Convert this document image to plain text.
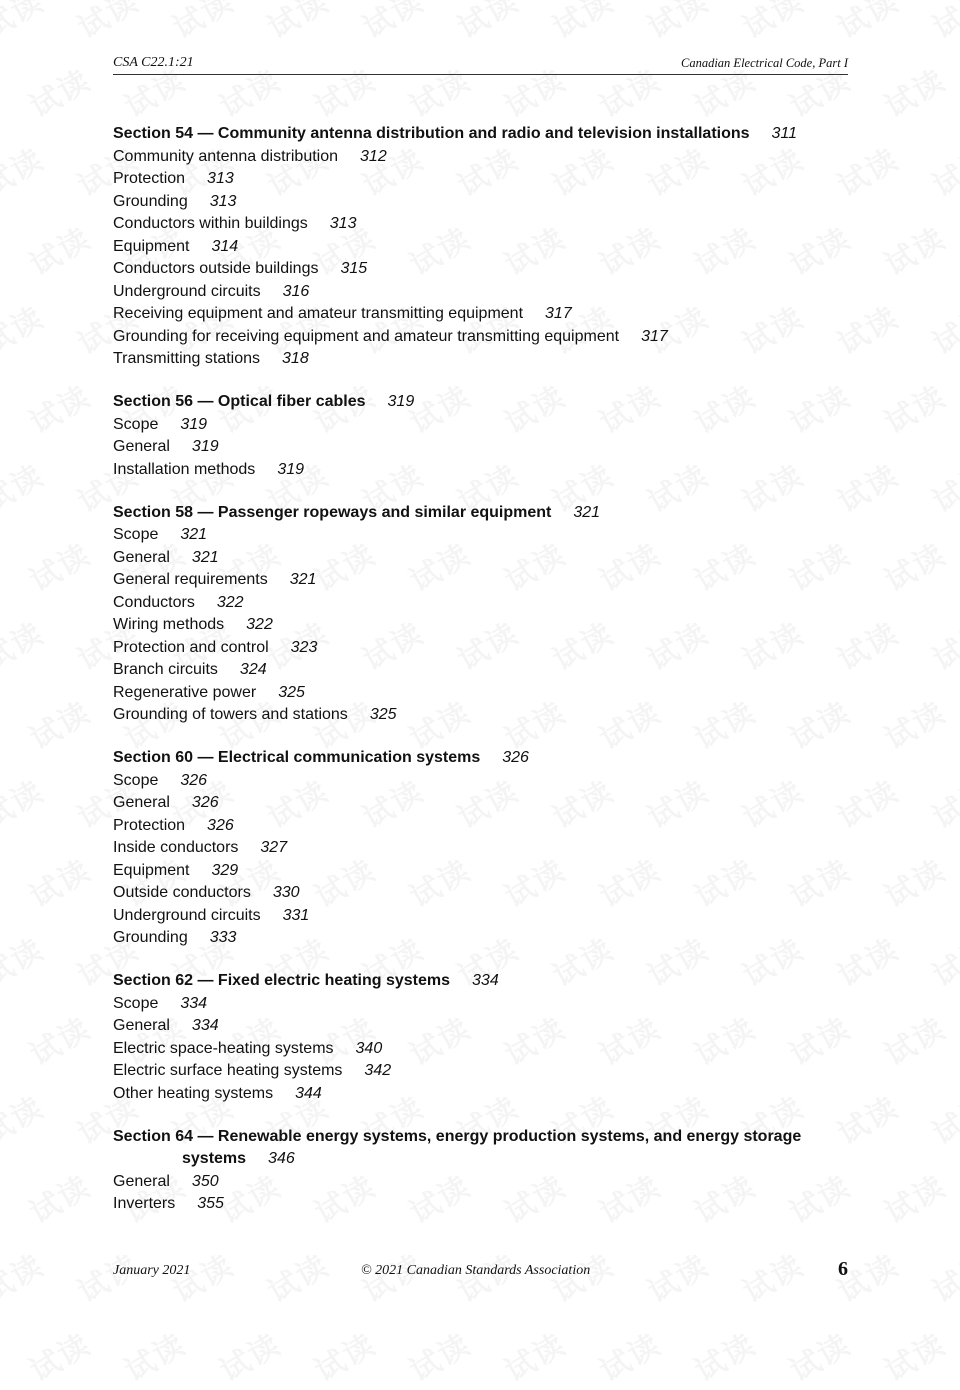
CSA C22.1:21	Canadian Electrical Code, Part I
Section 54 — Community antenna distribution and radio and television installations 311
Community antenna distribution 312
Protection 313
Grounding 313
Conductors within buildings 313
Equipment 314
Conductors outside buildings 315
Underground circuits 316
Receiving equipment and amateur transmitting equipment 317
Grounding for receiving equipment and amateur transmitting equipment 317
Transmitting stations 318
Section 56 — Optical fiber cables 319
Scope 319
General 319
Installation methods 319
Section 58 — Passenger ropeways and similar equipment 321
Scope 321
General 321
General requirements 321
Conductors 322
Wiring methods 322
Protection and control 323
Branch circuits 324
Regenerative power 325
Grounding of towers and stations 325
Section 60 — Electrical communication systems 326
Scope 326
General 326
Protection 326
Inside conductors 327
Equipment 329
Outside conductors 330
Underground circuits 331
Grounding 333
Section 62 — Fixed electric heating systems 334
Scope 334
General 334
Electric space-heating systems 340
Electric surface heating systems 342
Other heating systems 344
Section 64 — Renewable energy systems, energy production systems, and energy storage
systems 346
General 350
Inverters 355
January 2021	© 2021 Canadian Standards Association	6
